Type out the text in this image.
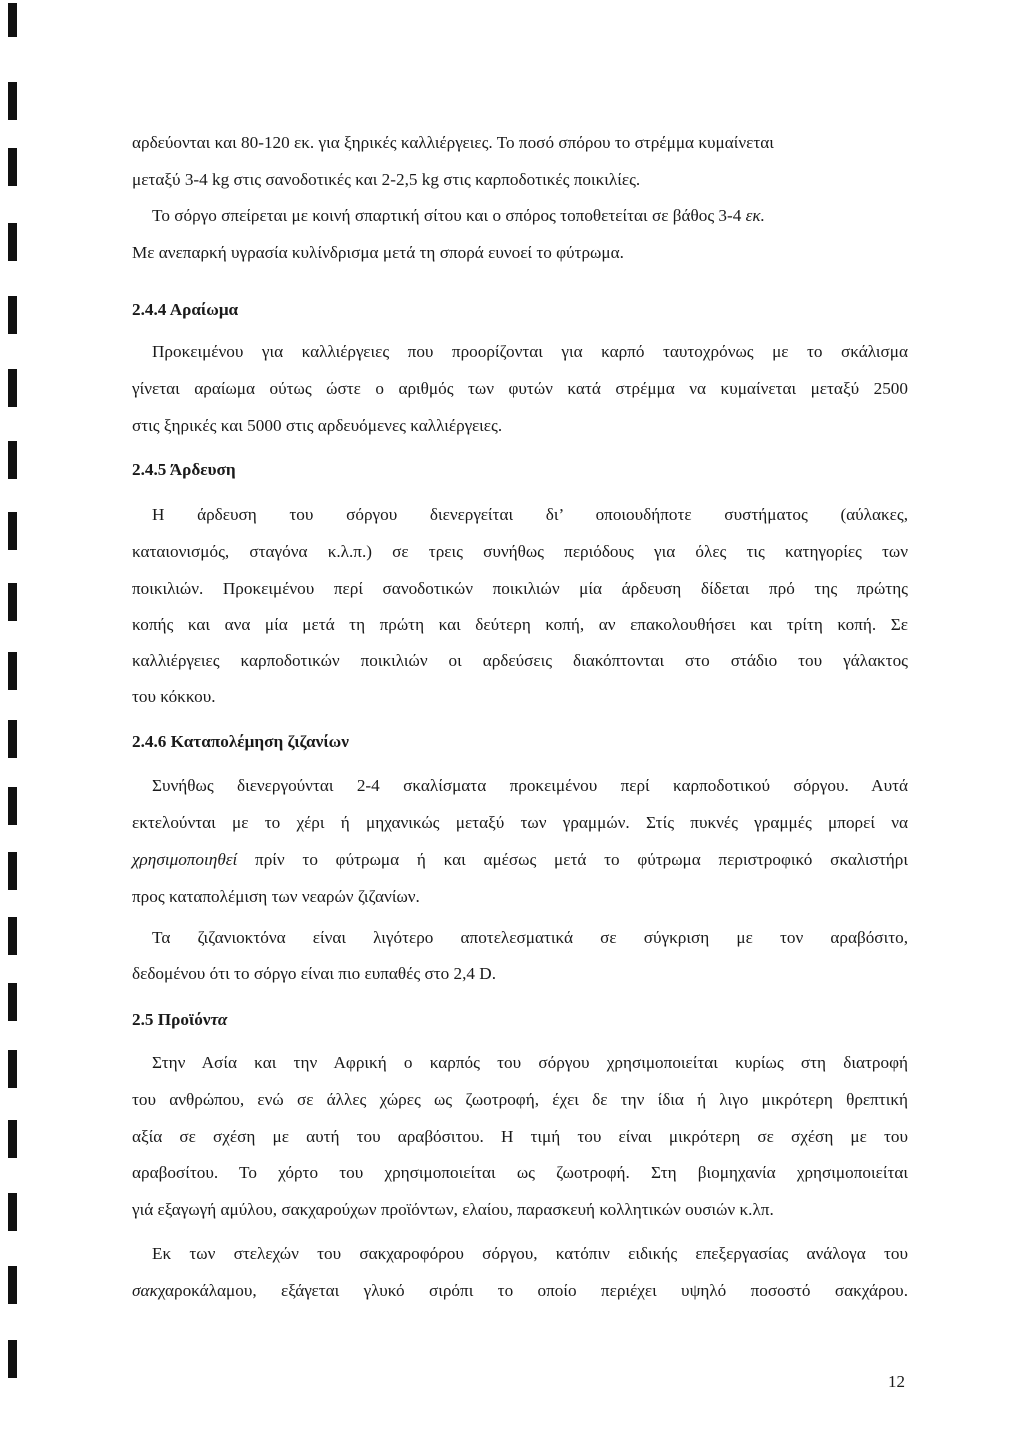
αρδεύονται και 80-120 εκ. για ξηρικές καλλιέργειες. Το ποσό σπόρου το στρέμμα κυμαίνεται

μεταξύ 3-4 kg στις σανοδοτικές και 2-2,5 kg στις καρποδοτικές ποικιλίες.

Το σόργο σπείρεται με κοινή σπαρτική σίτου και ο σπόρος τοποθετείται σε βάθος 3-4 εκ.

Με ανεπαρκή υγρασία κυλίνδρισμα μετά τη σπορά ευνοεί το φύτρωμα.

2.4.4 Αραίωμα

Προκειμένου για καλλιέργειες που προορίζονται για καρπό ταυτοχρόνως με το σκάλισμα

γίνεται αραίωμα ούτως ώστε ο αριθμός των φυτών κατά στρέμμα να κυμαίνεται μεταξύ 2500

στις ξηρικές και 5000 στις αρδευόμενες καλλιέργειες.

2.4.5 Άρδευση

Η άρδευση του σόργου διενεργείται δι’ οποιουδήποτε συστήματος (αύλακες,

καταιονισμός, σταγόνα κ.λ.π.) σε τρεις συνήθως περιόδους για όλες τις κατηγορίες των

ποικιλιών. Προκειμένου περί σανοδοτικών ποικιλιών μία άρδευση δίδεται πρό της πρώτης

κοπής και ανα μία μετά τη πρώτη και δεύτερη κοπή, αν επακολουθήσει και τρίτη κοπή. Σε

καλλιέργειες καρποδοτικών ποικιλιών οι αρδεύσεις διακόπτονται στο στάδιο του γάλακτος

του κόκκου.

2.4.6 Καταπολέμηση ζιζανίων

Συνήθως διενεργούνται 2-4 σκαλίσματα προκειμένου περί καρποδοτικού σόργου. Αυτά

εκτελούνται με το χέρι ή μηχανικώς μεταξύ των γραμμών. Στίς πυκνές γραμμές μπορεί να

χρησιμοποιηθεί πρίν το φύτρωμα ή και αμέσως μετά το φύτρωμα περιστροφικό σκαλιστήρι

προς καταπολέμιση των νεαρών ζιζανίων.

Τα ζιζανιοκτόνα είναι λιγότερο αποτελεσματικά σε σύγκριση με τον αραβόσιτο,

δεδομένου ότι το σόργο είναι πιο ευπαθές στο 2,4 D.

2.5 Προϊόντα

Στην Ασία και την Αφρική ο καρπός του σόργου χρησιμοποιείται κυρίως στη διατροφή

του ανθρώπου, ενώ σε άλλες χώρες ως ζωοτροφή, έχει δε την ίδια ή λιγο μικρότερη θρεπτική

αξία σε σχέση με αυτή του αραβόσιτου. Η τιμή του είναι μικρότερη σε σχέση με του

αραβοσίτου. Το χόρτο του χρησιμοποιείται ως ζωοτροφή. Στη βιομηχανία χρησιμοποιείται

γιά εξαγωγή αμύλου, σακχαρούχων προϊόντων, ελαίου, παρασκευή κολλητικών ουσιών κ.λπ.

Εκ των στελεχών του σακχαροφόρου σόργου, κατόπιν ειδικής επεξεργασίας ανάλογα του

σακχαροκάλαμου, εξάγεται γλυκό σιρόπι το οποίο περιέχει υψηλό ποσοστό σακχάρου.

12
